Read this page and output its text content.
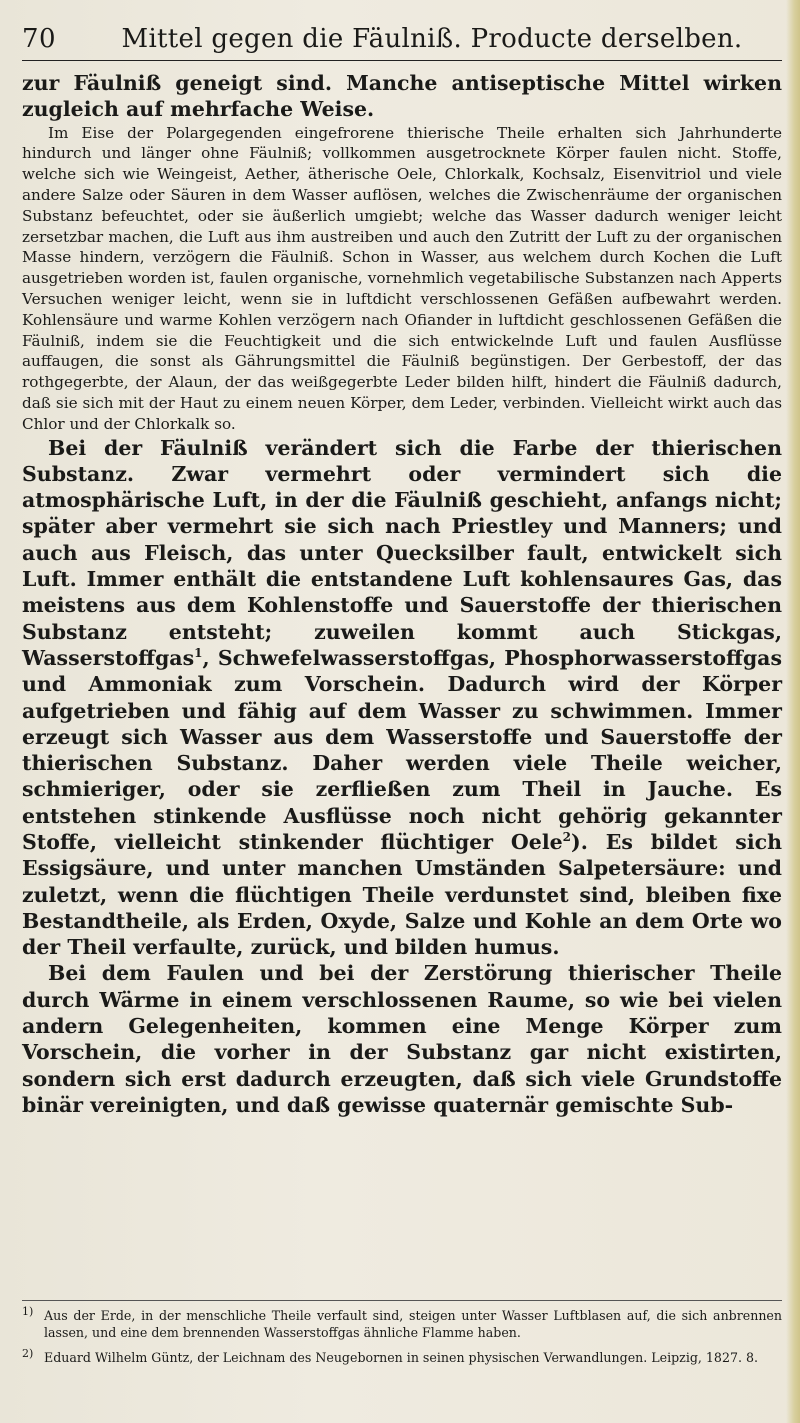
70	Mittel gegen die Fäulniß. Producte derselben.

zur Fäulniß geneigt sind. Manche antiseptische Mittel wirken zugleich auf mehrfache Weise.

Im Eise der Polargegenden eingefrorene thierische Theile erhalten sich Jahrhunderte hindurch und länger ohne Fäulniß; vollkommen ausgetrocknete Körper faulen nicht. Stoffe, welche sich wie Weingeist, Aether, ätherische Oele, Chlorkalk, Kochsalz, Eisenvitriol und viele andere Salze oder Säuren in dem Wasser auflösen, welches die Zwischenräume der organischen Substanz befeuchtet, oder sie äußerlich umgiebt; welche das Wasser dadurch weniger leicht zersetzbar machen, die Luft aus ihm austreiben und auch den Zutritt der Luft zu der organischen Masse hindern, verzögern die Fäulniß. Schon in Wasser, aus welchem durch Kochen die Luft ausgetrieben worden ist, faulen organische, vornehmlich vegetabilische Substanzen nach Apperts Versuchen weniger leicht, wenn sie in luftdicht verschlossenen Gefäßen aufbewahrt werden. Kohlensäure und warme Kohlen verzögern nach Ofiander in luftdicht geschlossenen Gefäßen die Fäulniß, indem sie die Feuchtigkeit und die sich entwickelnde Luft und faulen Ausflüsse auffaugen, die sonst als Gährungsmittel die Fäulniß begünstigen. Der Gerbestoff, der das rothgegerbte, der Alaun, der das weißgegerbte Leder bilden hilft, hindert die Fäulniß dadurch, daß sie sich mit der Haut zu einem neuen Körper, dem Leder, verbinden. Vielleicht wirkt auch das Chlor und der Chlorkalk so.

Bei der Fäulniß verändert sich die Farbe der thierischen Substanz. Zwar vermehrt oder vermindert sich die atmosphärische Luft, in der die Fäulniß geschieht, anfangs nicht; später aber vermehrt sie sich nach Priestley und Manners; und auch aus Fleisch, das unter Quecksilber fault, entwickelt sich Luft. Immer enthält die entstandene Luft kohlensaures Gas, das meistens aus dem Kohlenstoffe und Sauerstoffe der thierischen Substanz entsteht; zuweilen kommt auch Stickgas, Wasserstoffgas$^1$, Schwefelwasserstoffgas, Phosphorwasserstoffgas und Ammoniak zum Vorschein. Dadurch wird der Körper aufgetrieben und fähig auf dem Wasser zu schwimmen. Immer erzeugt sich Wasser aus dem Wasserstoffe und Sauerstoffe der thierischen Substanz. Daher werden viele Theile weicher, schmieriger, oder sie zerfließen zum Theil in Jauche. Es entstehen stinkende Ausflüsse noch nicht gehörig gekannter Stoffe, vielleicht stinkender flüchtiger Oele$^2$). Es bildet sich Essigsäure, und unter manchen Umständen Salpetersäure: und zuletzt, wenn die flüchtigen Theile verdunstet sind, bleiben fixe Bestandtheile, als Erden, Oxyde, Salze und Kohle an dem Orte wo der Theil verfaulte, zurück, und bilden humus.

Bei dem Faulen und bei der Zerstörung thierischer Theile durch Wärme in einem verschlossenen Raume, so wie bei vielen andern Gelegenheiten, kommen eine Menge Körper zum Vorschein, die vorher in der Substanz gar nicht existirten, sondern sich erst dadurch erzeugten, daß sich viele Grundstoffe binär vereinigten, und daß gewisse quaternär gemischte Sub-

1) Aus der Erde, in der menschliche Theile verfault sind, steigen unter Wasser Luftblasen auf, die sich anbrennen lassen, und eine dem brennenden Wasserstoffgas ähnliche Flamme haben.

2) Eduard Wilhelm Güntz, der Leichnam des Neugebornen in seinen physischen Verwandlungen. Leipzig, 1827. 8.
